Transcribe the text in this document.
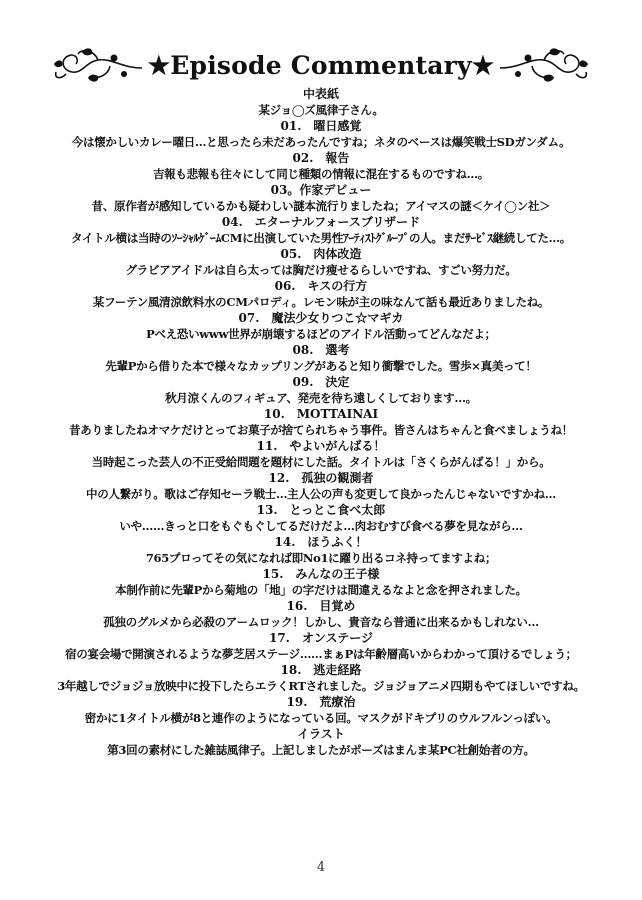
★Episode Commentary★

中表紙

某ジョ◯ズ風律子さん。

01.　曜日感覚

今は懐かしいカレー曜日…と思ったら未だあったんですね；ネタのベースは爆笑戦士SDガンダム。

02.　報告

吉報も悲報も往々にして同じ種類の情報に混在するものですね…。

03。作家デビュー

昔、原作者が感知しているかも疑わしい謎本流行りましたね；アイマスの謎＜ケイ◯ン社＞

04.　エターナルフォースブリザード

タイトル横は当時のｿｰｼｬﾙｹﾞｰﾑCMに出演していた男性ｱｰﾃｨｽﾄｸﾞﾙｰﾌﾟの人。まだｻｰﾋﾞｽ継続してた…。

05.　肉体改造

グラビアアイドルは自ら太っては胸だけ痩せるらしいですね、すごい努力だ。

06.　キスの行方

某フーテン風清涼飲料水のCMパロディ。レモン味が主の味なんて話も最近ありましたね。

07.　魔法少女りつこ☆マギカ

Pべえ恐いwww世界が崩壊するほどのアイドル活動ってどんなだよ；

08.　選考

先輩Pから借りた本で様々なカップリングがあると知り衝撃でした。雪歩×真美って！

09.　決定

秋月涼くんのフィギュア、発売を待ち遠しくしております…。

10.　MOTTAINAI

昔ありましたねオマケだけとってお菓子が捨てられちゃう事件。皆さんはちゃんと食べましょうね！

11.　やよいがんばる！

当時起こった芸人の不正受給問題を題材にした話。タイトルは「さくらがんばる！」から。

12.　孤独の観測者

中の人繋がり。歌はご存知セーラ戦士…主人公の声も変更して良かったんじゃないですかね…

13.　とっとこ食べ太郎

いや……きっと口をもぐもぐしてるだけだよ…肉おむすび食べる夢を見ながら…

14.　ほうふく！

765プロってその気になれば即No1に躍り出るコネ持ってますよね；

15.　みんなの王子様

本制作前に先輩Pから菊地の「地」の字だけは間違えるなよと念を押されました。

16.　目覚め

孤独のグルメから必殺のアームロック！しかし、貴音なら普通に出来るかもしれない…

17.　オンステージ

宿の宴会場で開演されるような夢芝居ステージ……まぁPは年齢層高いからわかって頂けるでしょう；

18.　逃走経路

3年越しでジョジョ放映中に投下したらエラくRTされました。ジョジョアニメ四期もやてほしいですね。

19.　荒療治

密かに1タイトル横が8と連作のようになっている回。マスクがドキプリのウルフルンっぽい。

イラスト

第3回の素材にした雑誌風律子。上記しましたがポーズはまんま某PC社創始者の方。

4
